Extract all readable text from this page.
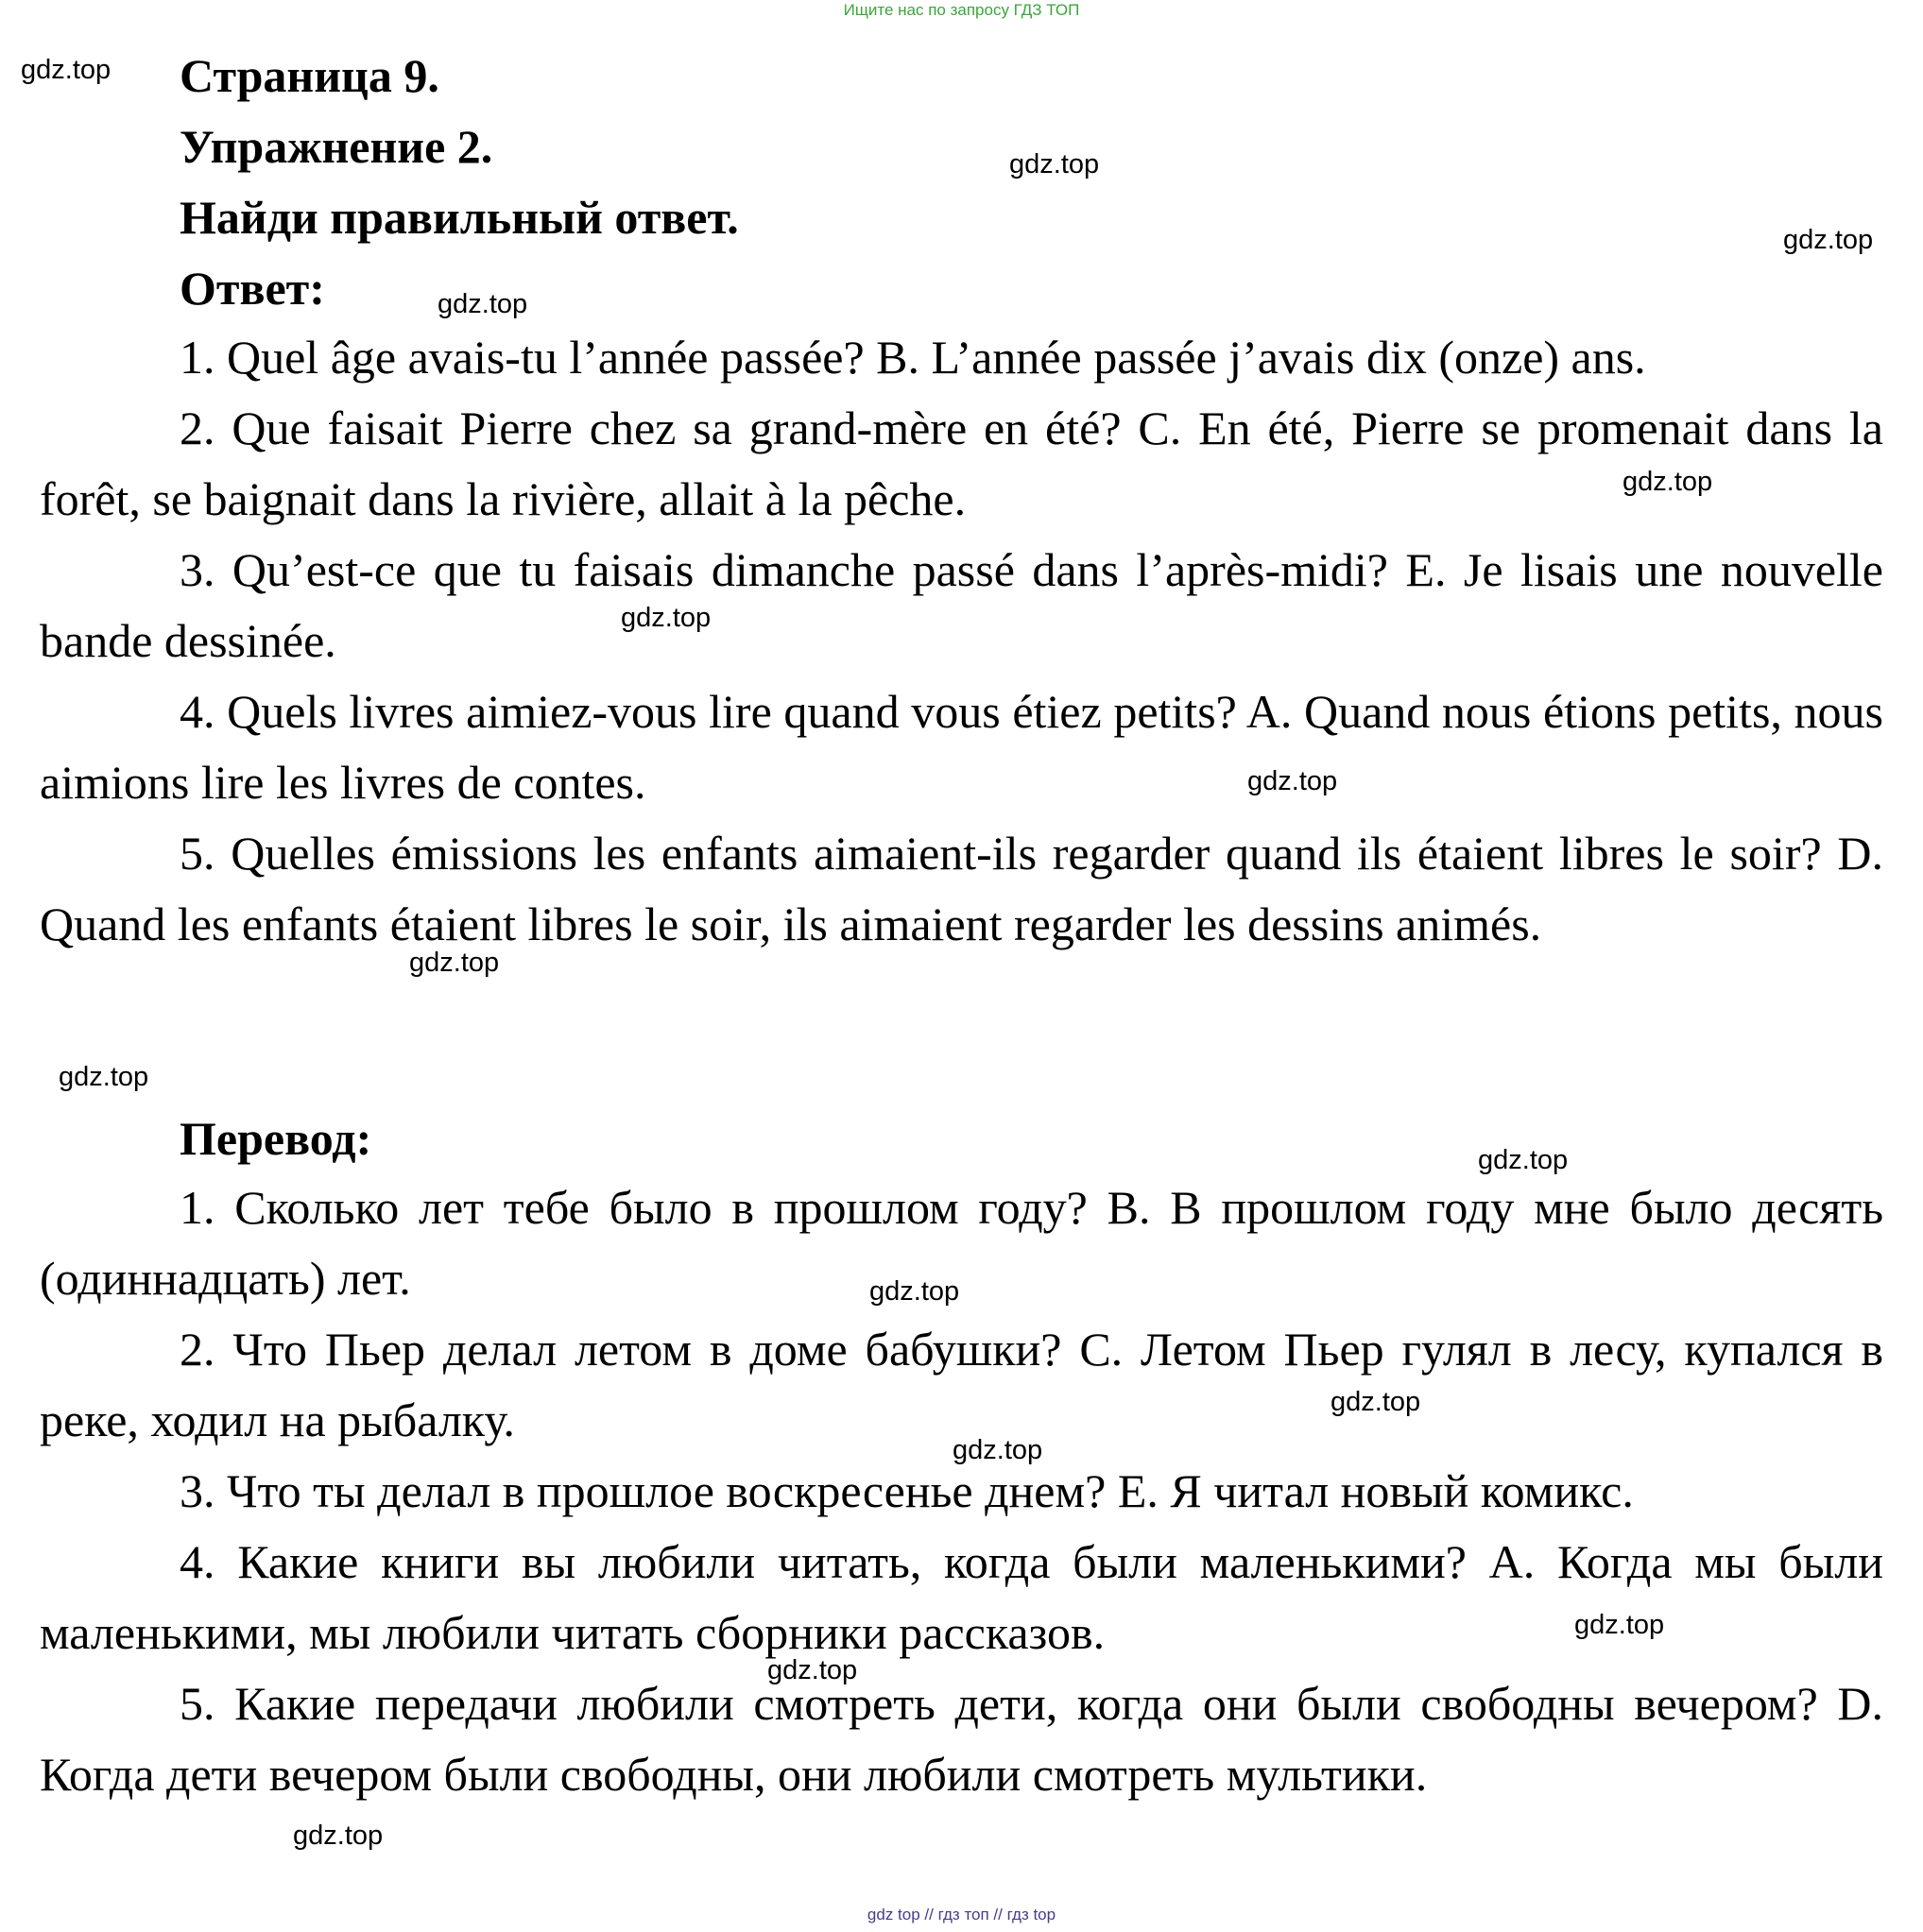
Ищите нас по запросу ГДЗ ТОП
Страница 9.
Упражнение 2.
Найди правильный ответ.
Ответ:
1. Quel âge avais-tu l’année passée? B. L’année passée j’avais dix (onze) ans.
2. Que faisait Pierre chez sa grand-mère en été? C. En été, Pierre se promenait dans la forêt, se baignait dans la rivière, allait à la pêche.
3. Qu’est-ce que tu faisais dimanche passé dans l’après-midi? E. Je lisais une nouvelle bande dessinée.
4. Quels livres aimiez-vous lire quand vous étiez petits? A. Quand nous étions petits, nous aimions lire les livres de contes.
5. Quelles émissions les enfants aimaient-ils regarder quand ils étaient libres le soir? D. Quand les enfants étaient libres le soir, ils aimaient regarder les dessins animés.
Перевод:
1. Сколько лет тебе было в прошлом году? B. В прошлом году мне было десять (одиннадцать) лет.
2. Что Пьер делал летом в доме бабушки? C. Летом Пьер гулял в лесу, купался в реке, ходил на рыбалку.
3. Что ты делал в прошлое воскресенье днем? E. Я читал новый комикс.
4. Какие книги вы любили читать, когда были маленькими? A. Когда мы были маленькими, мы любили читать сборники рассказов.
5. Какие передачи любили смотреть дети, когда они были свободны вечером? D. Когда дети вечером были свободны, они любили смотреть мультики.
gdz.top
gdz.top
gdz.top
gdz.top
gdz.top
gdz.top
gdz.top
gdz.top
gdz.top
gdz.top
gdz.top
gdz.top
gdz.top
gdz.top
gdz.top
gdz.top
gdz top // гдз топ // гдз top
